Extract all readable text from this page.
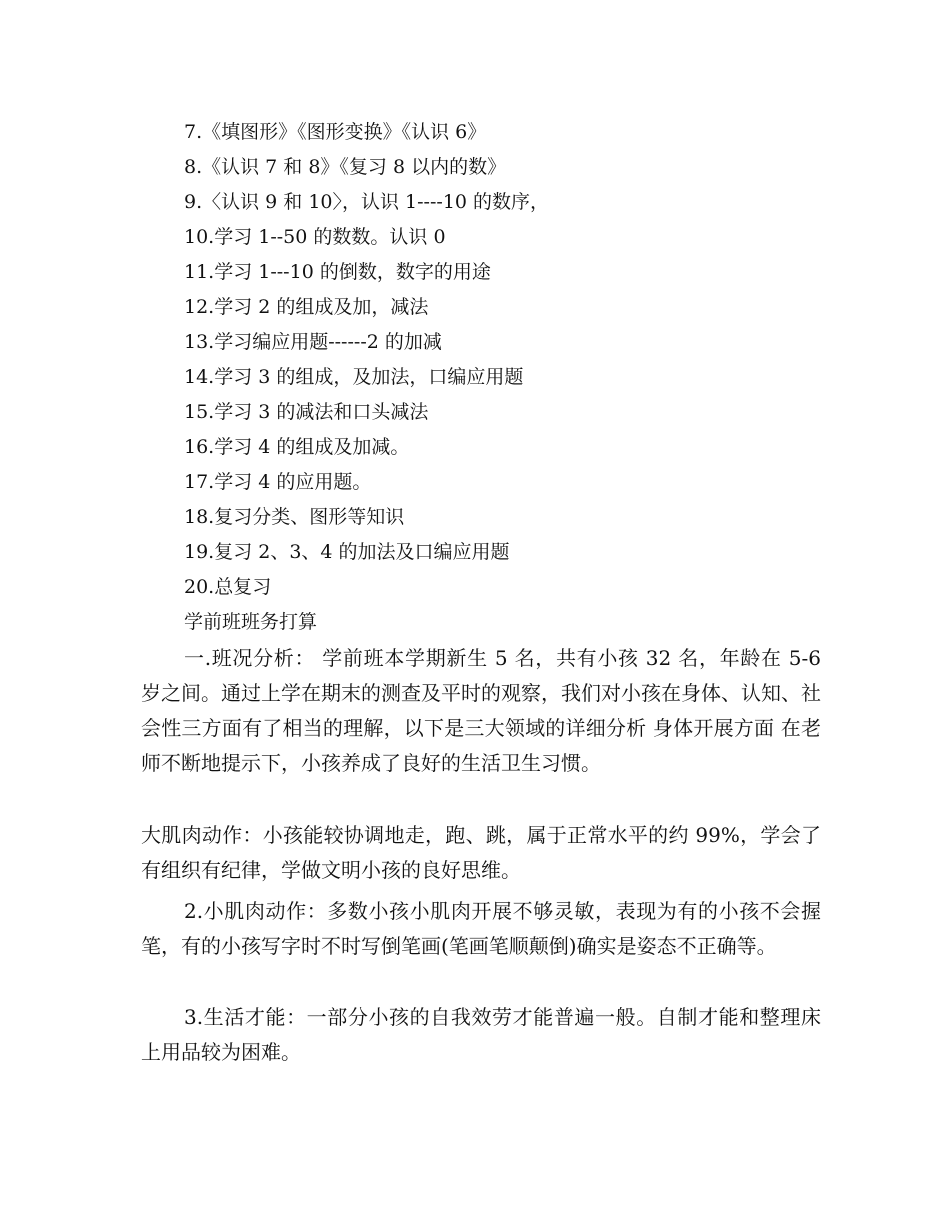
7.《填图形》《图形变换》《认识 6》
8.《认识 7 和 8》《复习 8 以内的数》
9.〈认识 9 和 10〉，认识 1----10 的数序，
10.学习 1--50 的数数。认识 0
11.学习 1---10 的倒数，数字的用途
12.学习 2 的组成及加，减法
13.学习编应用题------2 的加减
14.学习 3 的组成，及加法，口编应用题
15.学习 3 的减法和口头减法
16.学习 4 的组成及加减。
17.学习 4 的应用题。
18.复习分类、图形等知识
19.复习 2、3、4 的加法及口编应用题
20.总复习
学前班班务打算

一.班况分析： 学前班本学期新生 5 名，共有小孩 32 名，年龄在 5-6 岁之间。通过上学在期末的测查及平时的观察，我们对小孩在身体、认知、社会性三方面有了相当的理解，以下是三大领域的详细分析 身体开展方面 在老师不断地提示下，小孩养成了良好的生活卫生习惯。

大肌肉动作：小孩能较协调地走，跑、跳，属于正常水平的约 99%，学会了有组织有纪律，学做文明小孩的良好思维。

2.小肌肉动作：多数小孩小肌肉开展不够灵敏，表现为有的小孩不会握笔，有的小孩写字时不时写倒笔画(笔画笔顺颠倒)确实是姿态不正确等。

3.生活才能：一部分小孩的自我效劳才能普遍一般。自制才能和整理床上用品较为困难。
